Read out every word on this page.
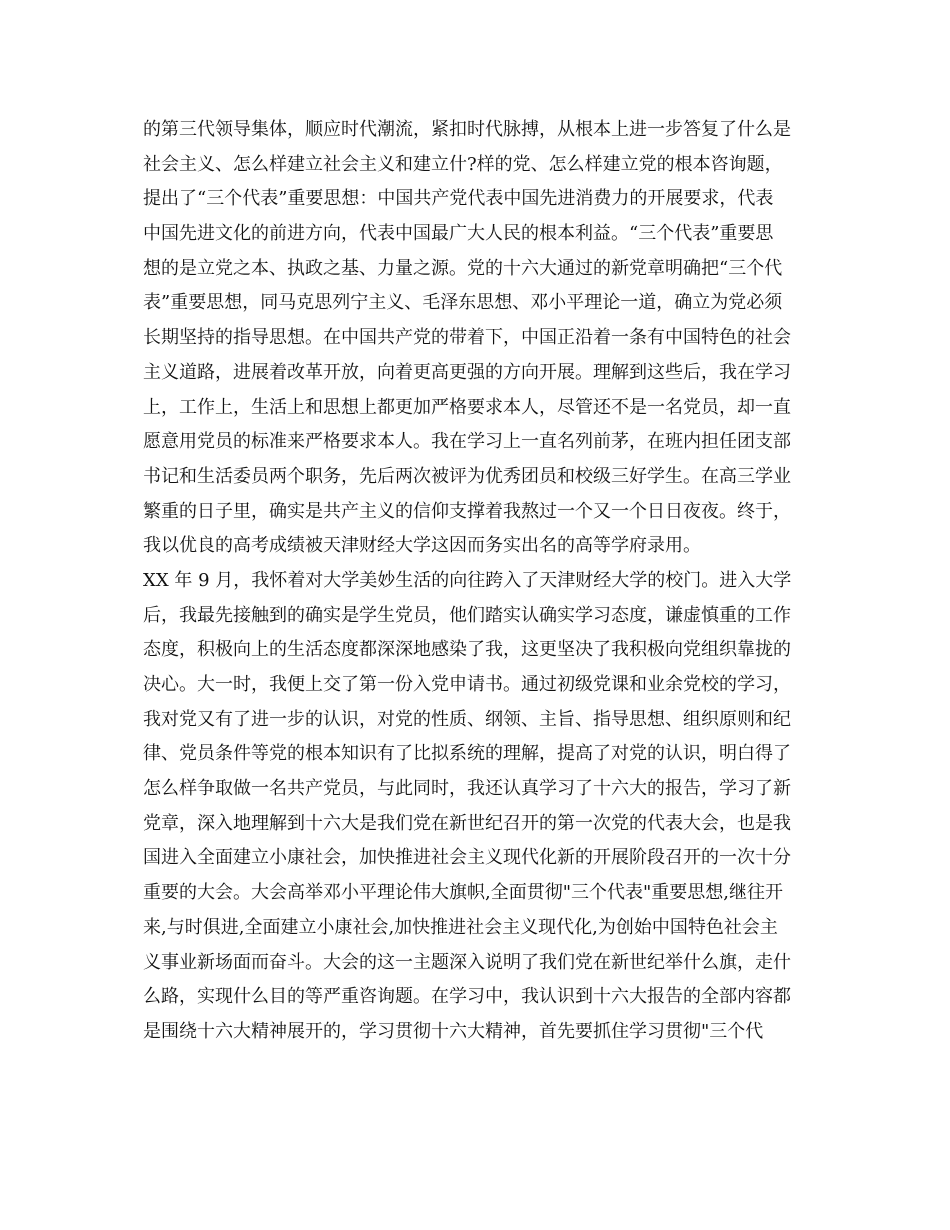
的第三代领导集体，顺应时代潮流，紧扣时代脉搏，从根本上进一步答复了什么是
社会主义、怎么样建立社会主义和建立什?样的党、怎么样建立党的根本咨询题，
提出了“三个代表”重要思想：中国共产党代表中国先进消费力的开展要求，代表
中国先进文化的前进方向，代表中国最广大人民的根本利益。“三个代表”重要思
想的是立党之本、执政之基、力量之源。党的十六大通过的新党章明确把“三个代
表”重要思想，同马克思列宁主义、毛泽东思想、邓小平理论一道，确立为党必须
长期坚持的指导思想。在中国共产党的带着下，中国正沿着一条有中国特色的社会
主义道路，进展着改革开放，向着更高更强的方向开展。理解到这些后，我在学习
上，工作上，生活上和思想上都更加严格要求本人，尽管还不是一名党员，却一直
愿意用党员的标准来严格要求本人。我在学习上一直名列前茅，在班内担任团支部
书记和生活委员两个职务，先后两次被评为优秀团员和校级三好学生。在高三学业
繁重的日子里，确实是共产主义的信仰支撑着我熬过一个又一个日日夜夜。终于，
我以优良的高考成绩被天津财经大学这因而务实出名的高等学府录用。
XX 年 9 月，我怀着对大学美妙生活的向往跨入了天津财经大学的校门。进入大学
后，我最先接触到的确实是学生党员，他们踏实认确实学习态度，谦虚慎重的工作
态度，积极向上的生活态度都深深地感染了我，这更坚决了我积极向党组织靠拢的
决心。大一时，我便上交了第一份入党申请书。通过初级党课和业余党校的学习，
我对党又有了进一步的认识，对党的性质、纲领、主旨、指导思想、组织原则和纪
律、党员条件等党的根本知识有了比拟系统的理解，提高了对党的认识，明白得了
怎么样争取做一名共产党员，与此同时，我还认真学习了十六大的报告，学习了新
党章，深入地理解到十六大是我们党在新世纪召开的第一次党的代表大会，也是我
国进入全面建立小康社会，加快推进社会主义现代化新的开展阶段召开的一次十分
重要的大会。大会高举邓小平理论伟大旗帜,全面贯彻"三个代表"重要思想,继往开
来,与时俱进,全面建立小康社会,加快推进社会主义现代化,为创始中国特色社会主
义事业新场面而奋斗。大会的这一主题深入说明了我们党在新世纪举什么旗，走什
么路，实现什么目的等严重咨询题。在学习中，我认识到十六大报告的全部内容都
是围绕十六大精神展开的，学习贯彻十六大精神，首先要抓住学习贯彻"三个代
